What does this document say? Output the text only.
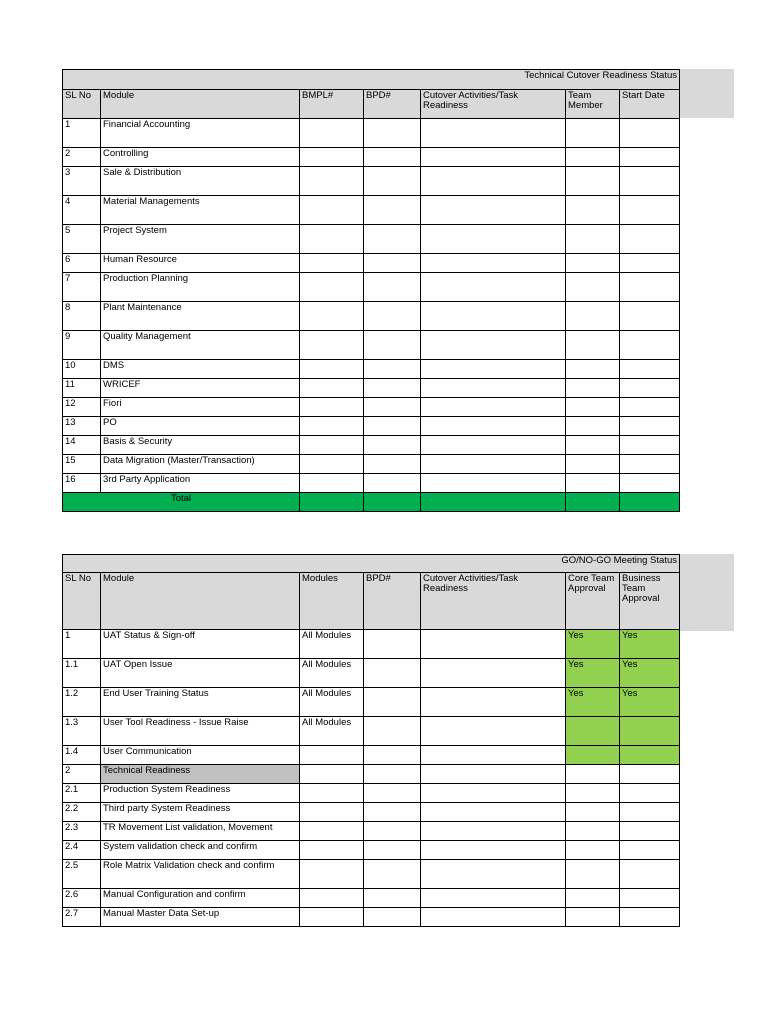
Technical Cutover Readiness Status						
SL No	Module	BMPL#	BPD#	Cutover Activities/Task Readiness	Team Member	Start Date
1	Financial Accounting					
2	Controlling					
3	Sale & Distribution					
4	Material Managements					
5	Project System					
6	Human Resource					
7	Production Planning					
8	Plant Maintenance					
9	Quality Management					
10	DMS					
11	WRICEF					
12	Fiori					
13	PO					
14	Basis & Security					
15	Data Migration (Master/Transaction)					
16	3rd Party Application					
Total						
GO/NO-GO Meeting Status						
SL No	Module	Modules	BPD#	Cutover Activities/Task Readiness	Core Team Approval	Business Team Approval
1	UAT Status & Sign-off	All Modules			Yes	Yes
1.1	UAT Open Issue	All Modules			Yes	Yes
1.2	End User Training Status	All Modules			Yes	Yes
1.3	User Tool Readiness - Issue Raise	All Modules				
1.4	User Communication					
2	Technical Readiness					
2.1	Production System Readiness					
2.2	Third party System Readiness					
2.3	TR Movement List validation, Movement					
2.4	System validation check and confirm					
2.5	Role Matrix Validation check and confirm					
2.6	Manual Configuration and confirm					
2.7	Manual Master Data Set-up					
